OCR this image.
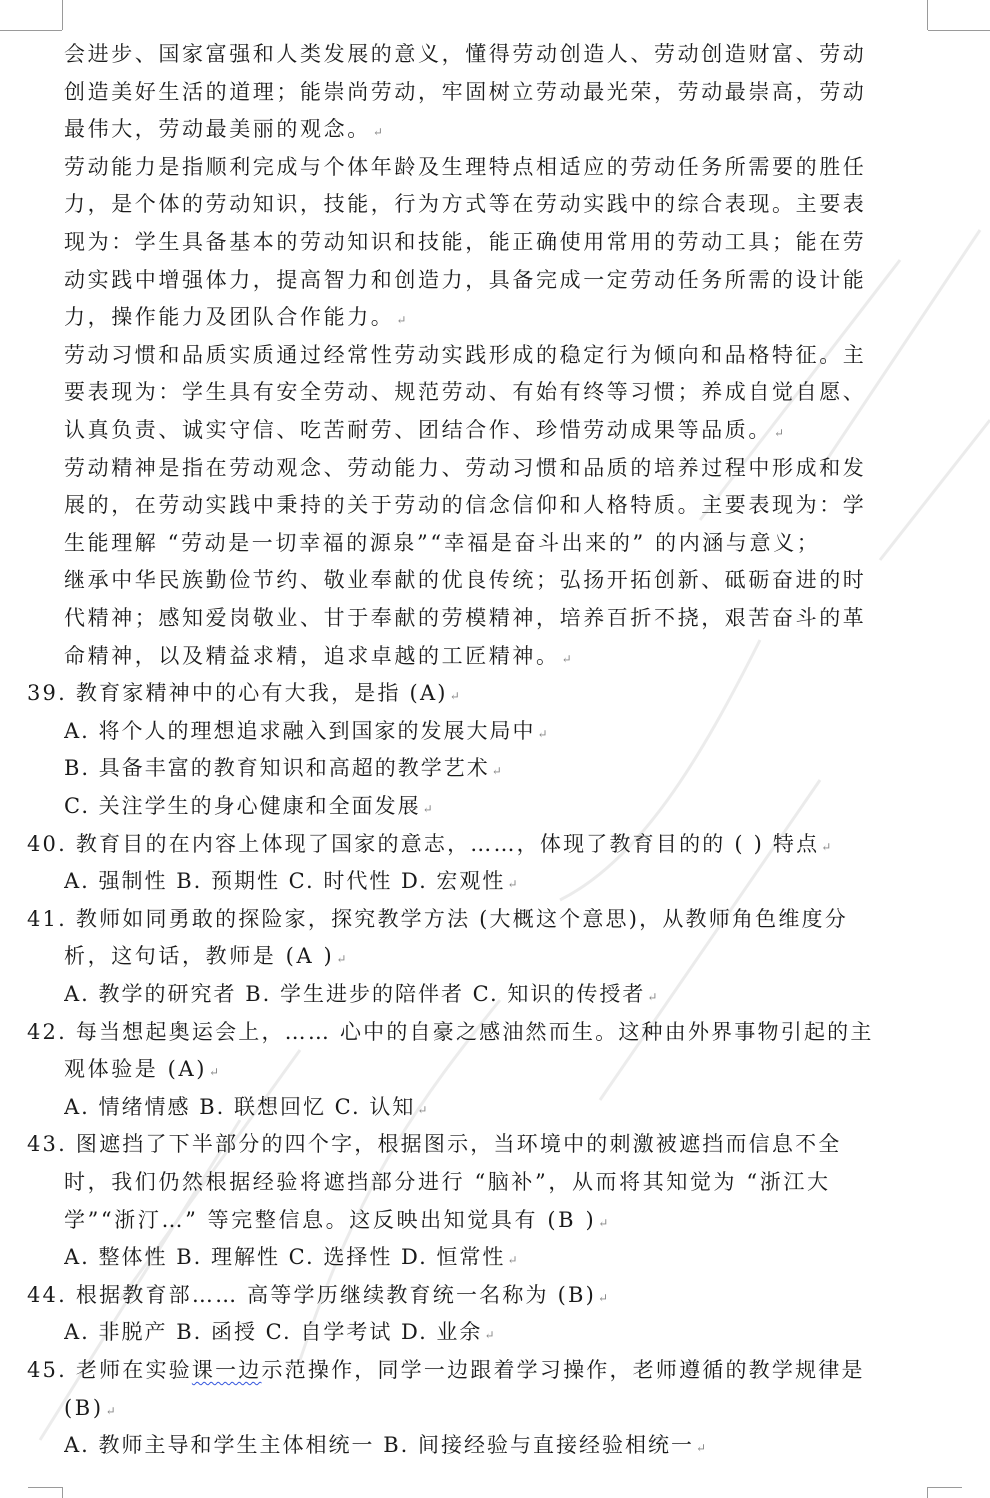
会进步、国家富强和人类发展的意义，懂得劳动创造人、劳动创造财富、劳动
创造美好生活的道理；能崇尚劳动，牢固树立劳动最光荣，劳动最崇高，劳动
最伟大，劳动最美丽的观念。 ↵
劳动能力是指顺利完成与个体年龄及生理特点相适应的劳动任务所需要的胜任
力，是个体的劳动知识，技能，行为方式等在劳动实践中的综合表现。主要表
现为：学生具备基本的劳动知识和技能，能正确使用常用的劳动工具；能在劳
动实践中增强体力，提高智力和创造力，具备完成一定劳动任务所需的设计能
力，操作能力及团队合作能力。 ↵
劳动习惯和品质实质通过经常性劳动实践形成的稳定行为倾向和品格特征。主
要表现为：学生具有安全劳动、规范劳动、有始有终等习惯；养成自觉自愿、
认真负责、诚实守信、吃苦耐劳、团结合作、珍惜劳动成果等品质。 ↵
劳动精神是指在劳动观念、劳动能力、劳动习惯和品质的培养过程中形成和发
展的，在劳动实践中秉持的关于劳动的信念信仰和人格特质。主要表现为：学
生能理解 “劳动是一切幸福的源泉”“幸福是奋斗出来的” 的内涵与意义；
继承中华民族勤俭节约、敬业奉献的优良传统；弘扬开拓创新、砥砺奋进的时
代精神；感知爱岗敬业、甘于奉献的劳模精神，培养百折不挠，艰苦奋斗的革
命精神，以及精益求精，追求卓越的工匠精神。 ↵
39. 教育家精神中的心有大我，是指 (A) ↵
A. 将个人的理想追求融入到国家的发展大局中 ↵
B. 具备丰富的教育知识和高超的教学艺术 ↵
C. 关注学生的身心健康和全面发展 ↵
40. 教育目的在内容上体现了国家的意志，……，体现了教育目的的 ( ) 特点 ↵
A. 强制性 B. 预期性 C. 时代性 D. 宏观性 ↵
41. 教师如同勇敢的探险家，探究教学方法 (大概这个意思)，从教师角色维度分
析，这句话，教师是 (A ) ↵
A. 教学的研究者 B. 学生进步的陪伴者 C. 知识的传授者 ↵
42. 每当想起奥运会上，…… 心中的自豪之感油然而生。这种由外界事物引起的主
观体验是 (A) ↵
A. 情绪情感 B. 联想回忆 C. 认知 ↵
43. 图遮挡了下半部分的四个字，根据图示，当环境中的刺激被遮挡而信息不全
时，我们仍然根据经验将遮挡部分进行 “脑补”，从而将其知觉为 “浙江大
学”“浙汀…” 等完整信息。这反映出知觉具有 (B ) ↵
A. 整体性 B. 理解性 C. 选择性 D. 恒常性 ↵
44. 根据教育部…… 高等学历继续教育统一名称为 (B) ↵
A. 非脱产 B. 函授 C. 自学考试 D. 业余 ↵
45. 老师在实验课一边示范操作，同学一边跟着学习操作，老师遵循的教学规律是
(B) ↵
A. 教师主导和学生主体相统一 B. 间接经验与直接经验相统一 ↵
